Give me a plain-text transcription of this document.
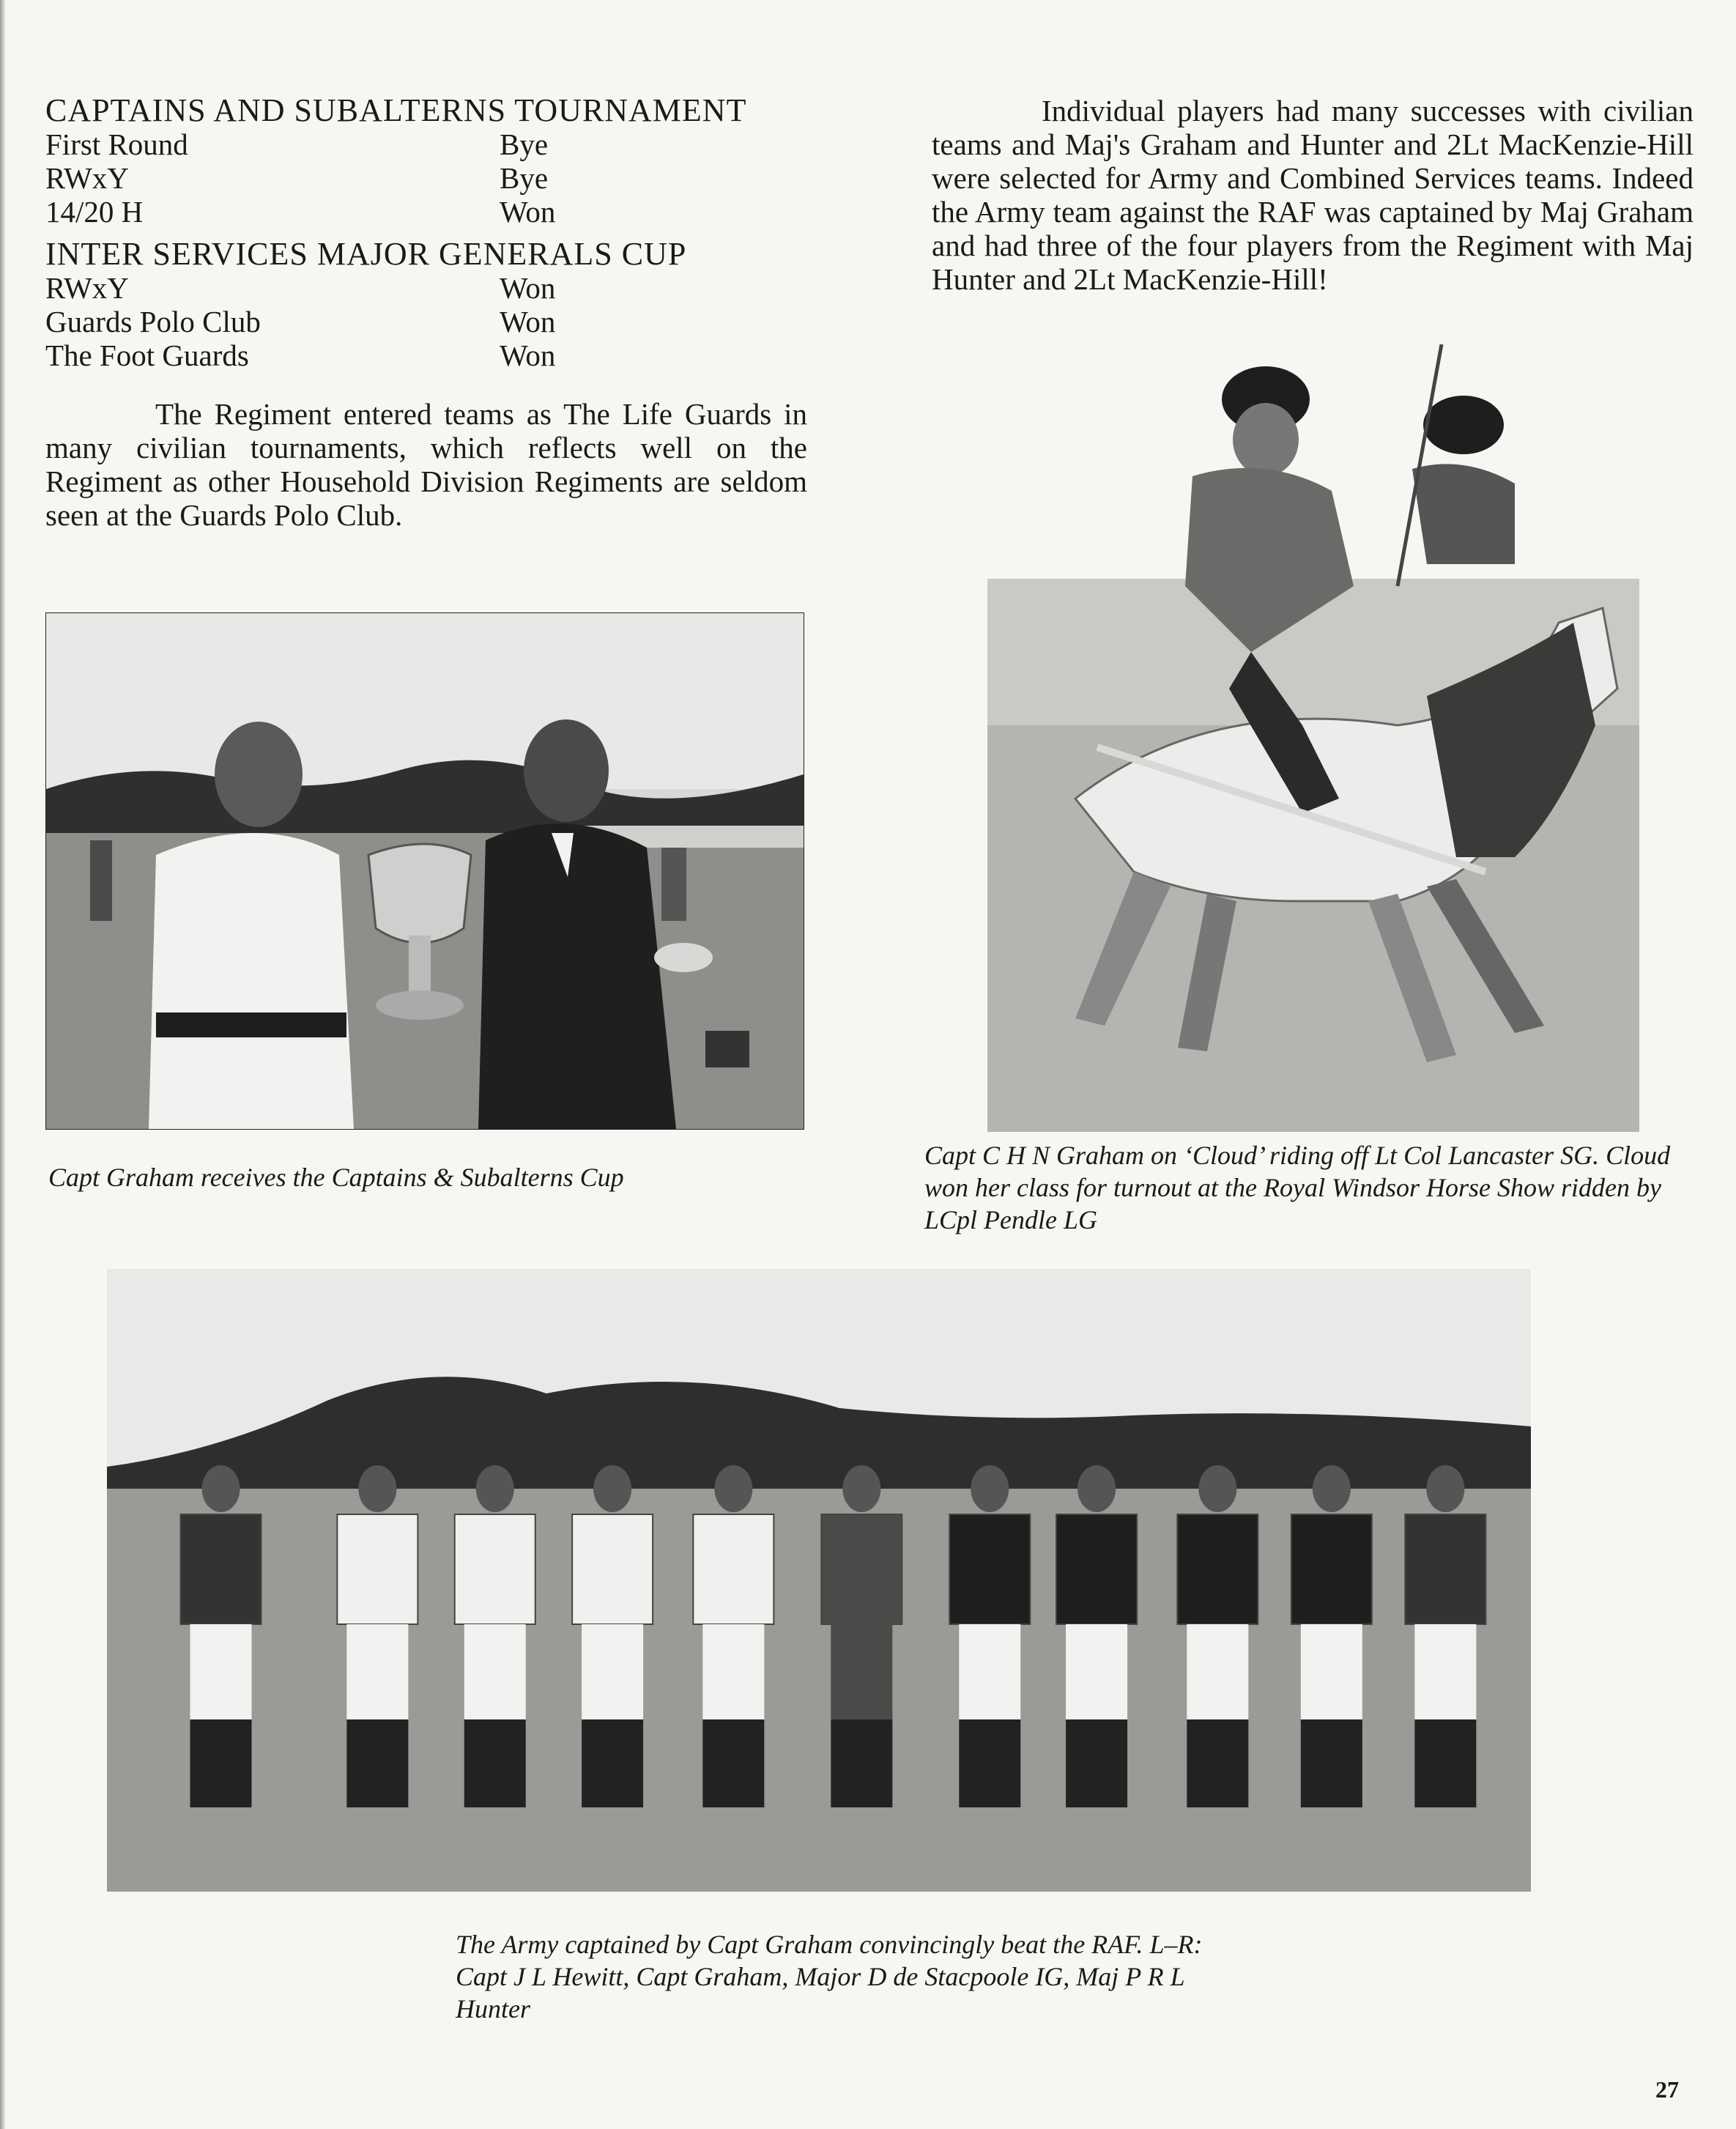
CAPTAINS AND SUBALTERNS TOURNAMENT

First Round	Bye
RWxY	Bye
14/20 H	Won

INTER SERVICES MAJOR GENERALS CUP

RWxY	Won
Guards Polo Club	Won
The Foot Guards	Won

The Regiment entered teams as The Life Guards in many civilian tournaments, which reflects well on the Regiment as other Household Division Regiments are seldom seen at the Guards Polo Club.

Individual players had many successes with civilian teams and Maj's Graham and Hunter and 2Lt MacKenzie-Hill were selected for Army and Combined Services teams. Indeed the Army team against the RAF was captained by Maj Graham and had three of the four players from the Regiment with Maj Hunter and 2Lt MacKenzie-Hill!

Capt Graham receives the Captains & Subalterns Cup
Capt C H N Graham on ‘Cloud’ riding off Lt Col Lancaster SG. Cloud won her class for turnout at the Royal Windsor Horse Show ridden by LCpl Pendle LG
The Army captained by Capt Graham convincingly beat the RAF. L–R: Capt J L Hewitt, Capt Graham, Major D de Stacpoole IG, Maj P R L Hunter
27
